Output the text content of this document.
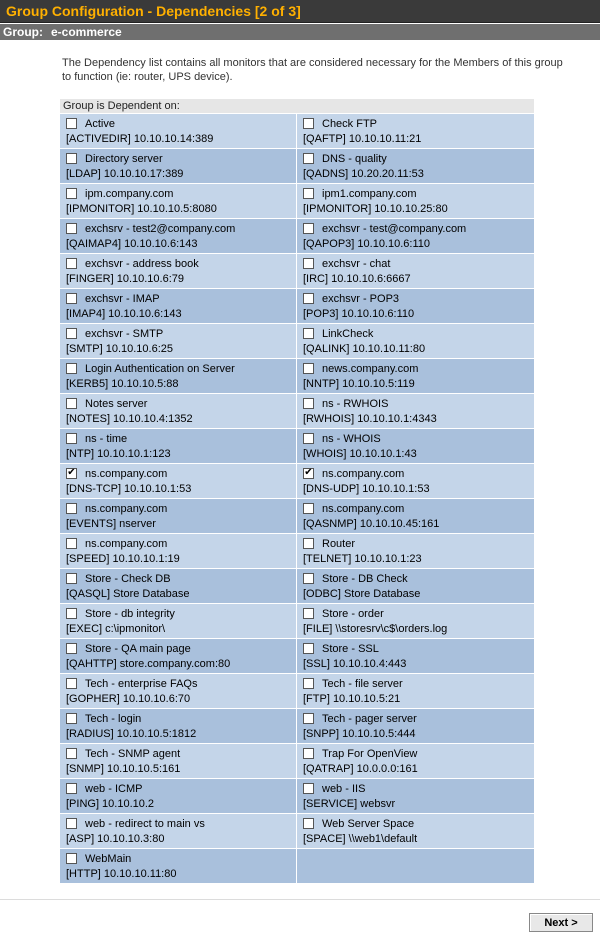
Group Configuration - Dependencies [2 of 3]
Group: e-commerce
The Dependency list contains all monitors that are considered necessary for the Members of this group to function (ie: router, UPS device).
Group is Dependent on:
Active
[ACTIVEDIR] 10.10.10.14:389
Check FTP
[QAFTP] 10.10.10.11:21
Directory server
[LDAP] 10.10.10.17:389
DNS - quality
[QADNS] 10.20.20.11:53
ipm.company.com
[IPMONITOR] 10.10.10.5:8080
ipm1.company.com
[IPMONITOR] 10.10.10.25:80
exchsrv - test2@company.com
[QAIMAP4] 10.10.10.6:143
exchsvr - test@company.com
[QAPOP3] 10.10.10.6:110
exchsvr - address book
[FINGER] 10.10.10.6:79
exchsvr - chat
[IRC] 10.10.10.6:6667
exchsvr - IMAP
[IMAP4] 10.10.10.6:143
exchsvr - POP3
[POP3] 10.10.10.6:110
exchsvr - SMTP
[SMTP] 10.10.10.6:25
LinkCheck
[QALINK] 10.10.10.11:80
Login Authentication on Server
[KERB5] 10.10.10.5:88
news.company.com
[NNTP] 10.10.10.5:119
Notes server
[NOTES] 10.10.10.4:1352
ns - RWHOIS
[RWHOIS] 10.10.10.1:4343
ns - time
[NTP] 10.10.10.1:123
ns - WHOIS
[WHOIS] 10.10.10.1:43
✔ ns.company.com
[DNS-TCP] 10.10.10.1:53
✔ ns.company.com
[DNS-UDP] 10.10.10.1:53
ns.company.com
[EVENTS] nserver
ns.company.com
[QASNMP] 10.10.10.45:161
ns.company.com
[SPEED] 10.10.10.1:19
Router
[TELNET] 10.10.10.1:23
Store - Check DB
[QASQL] Store Database
Store - DB Check
[ODBC] Store Database
Store - db integrity
[EXEC] c:\ipmonitor\
Store - order
[FILE] \\storesrv\c$\orders.log
Store - QA main page
[QAHTTP] store.company.com:80
Store - SSL
[SSL] 10.10.10.4:443
Tech - enterprise FAQs
[GOPHER] 10.10.10.6:70
Tech - file server
[FTP] 10.10.10.5:21
Tech - login
[RADIUS] 10.10.10.5:1812
Tech - pager server
[SNPP] 10.10.10.5:444
Tech - SNMP agent
[SNMP] 10.10.10.5:161
Trap For OpenView
[QATRAP] 10.0.0.0:161
web - ICMP
[PING] 10.10.10.2
web - IIS
[SERVICE] websvr
web - redirect to main vs
[ASP] 10.10.10.3:80
Web Server Space
[SPACE] \\web1\default
WebMain
[HTTP] 10.10.10.11:80
Next >
